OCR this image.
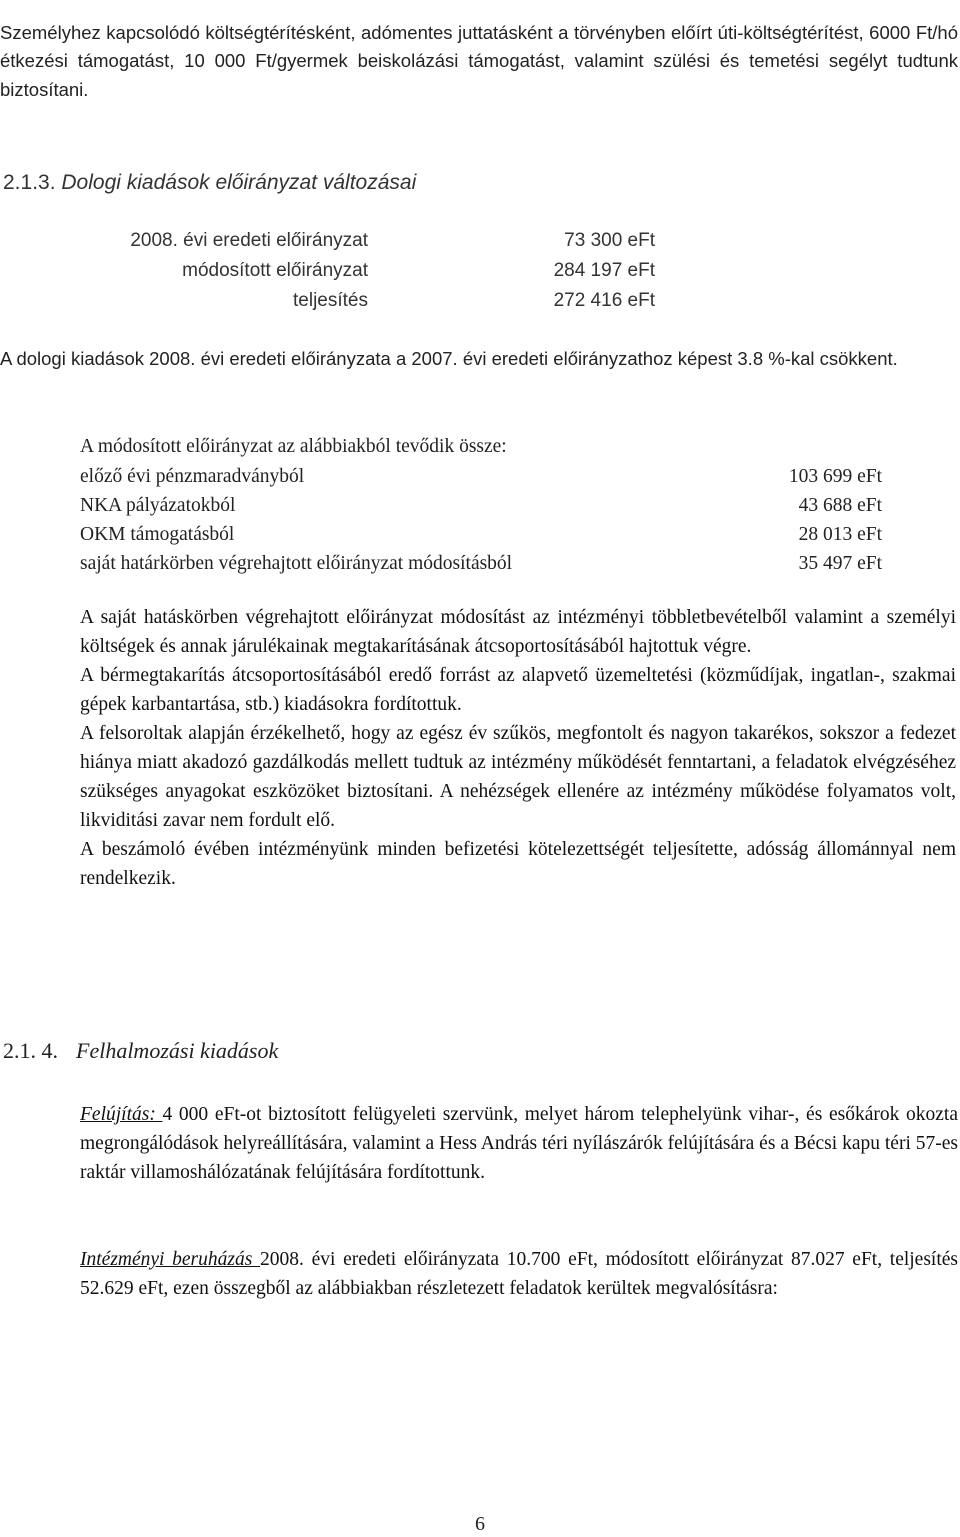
Személyhez kapcsolódó költségtérítésként, adómentes juttatásként a törvényben előírt úti-költségtérítést, 6000 Ft/hó étkezési támogatást, 10 000 Ft/gyermek beiskolázási támogatást, valamint szülési és temetési segélyt tudtunk biztosítani.

2.1.3. Dologi kiadások előirányzat változásai
2008. évi eredeti előirányzat	73 300 eFt
módosított előirányzat	284 197 eFt
teljesítés	272 416 eFt

A dologi kiadások 2008. évi eredeti előirányzata a 2007. évi eredeti előirányzathoz képest 3.8 %-kal csökkent.

A módosított előirányzat az alábbiakból tevődik össze:
előző évi pénzmaradványból	103 699 eFt
NKA pályázatokból	43 688 eFt
OKM támogatásból	28 013 eFt
saját határkörben végrehajtott előirányzat módosításból	35 497 eFt

A saját hatáskörben végrehajtott előirányzat módosítást az intézményi többletbevételből valamint a személyi költségek és annak járulékainak megtakarításának átcsoportosításából hajtottuk végre.

A bérmegtakarítás átcsoportosításából eredő forrást az alapvető üzemeltetési (közműdíjak, ingatlan-, szakmai gépek karbantartása, stb.) kiadásokra fordítottuk.

A felsoroltak alapján érzékelhető, hogy az egész év szűkös, megfontolt és nagyon takarékos, sokszor a fedezet hiánya miatt akadozó gazdálkodás mellett tudtuk az intézmény működését fenntartani, a feladatok elvégzéséhez szükséges anyagokat eszközöket biztosítani. A nehézségek ellenére az intézmény működése folyamatos volt, likviditási zavar nem fordult elő.

A beszámoló évében intézményünk minden befizetési kötelezettségét teljesítette, adósság állománnyal nem rendelkezik.

2.1. 4. Felhalmozási kiadások

Felújítás: 4 000 eFt-ot biztosított felügyeleti szervünk, melyet három telephelyünk vihar-, és esőkárok okozta megrongálódások helyreállítására, valamint a Hess András téri nyílászárók felújítására és a Bécsi kapu téri 57-es raktár villamoshálózatának felújítására fordítottunk.

Intézményi beruházás 2008. évi eredeti előirányzata 10.700 eFt, módosított előirányzat 87.027 eFt, teljesítés 52.629 eFt, ezen összegből az alábbiakban részletezett feladatok kerültek megvalósításra:

6
